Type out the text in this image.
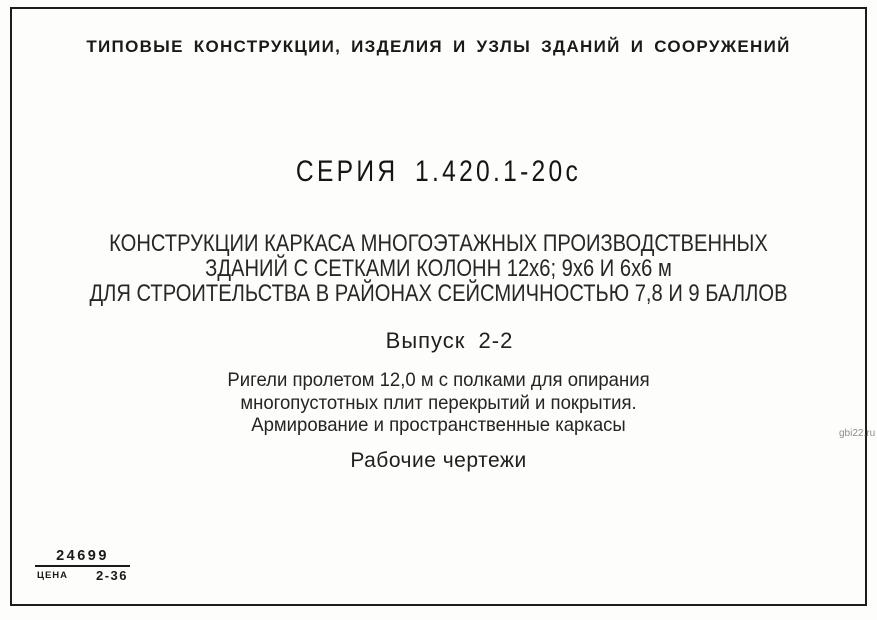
ТИПОВЫЕ КОНСТРУКЦИИ, ИЗДЕЛИЯ И УЗЛЫ ЗДАНИЙ И СООРУЖЕНИЙ
СЕРИЯ 1.420.1-20с
КОНСТРУКЦИИ КАРКАСА МНОГОЭТАЖНЫХ ПРОИЗВОДСТВЕННЫХ
ЗДАНИЙ С СЕТКАМИ КОЛОНН 12х6; 9х6 И 6х6 м
ДЛЯ СТРОИТЕЛЬСТВА В РАЙОНАХ СЕЙСМИЧНОСТЬЮ 7,8 И 9 БАЛЛОВ
Выпуск 2-2
Ригели пролетом 12,0 м с полками для опирания
многопустотных плит перекрытий и покрытия.
Армирование и пространственные каркасы
Рабочие чертежи
24699
ЦЕНА 2-36
gbi22.ru
